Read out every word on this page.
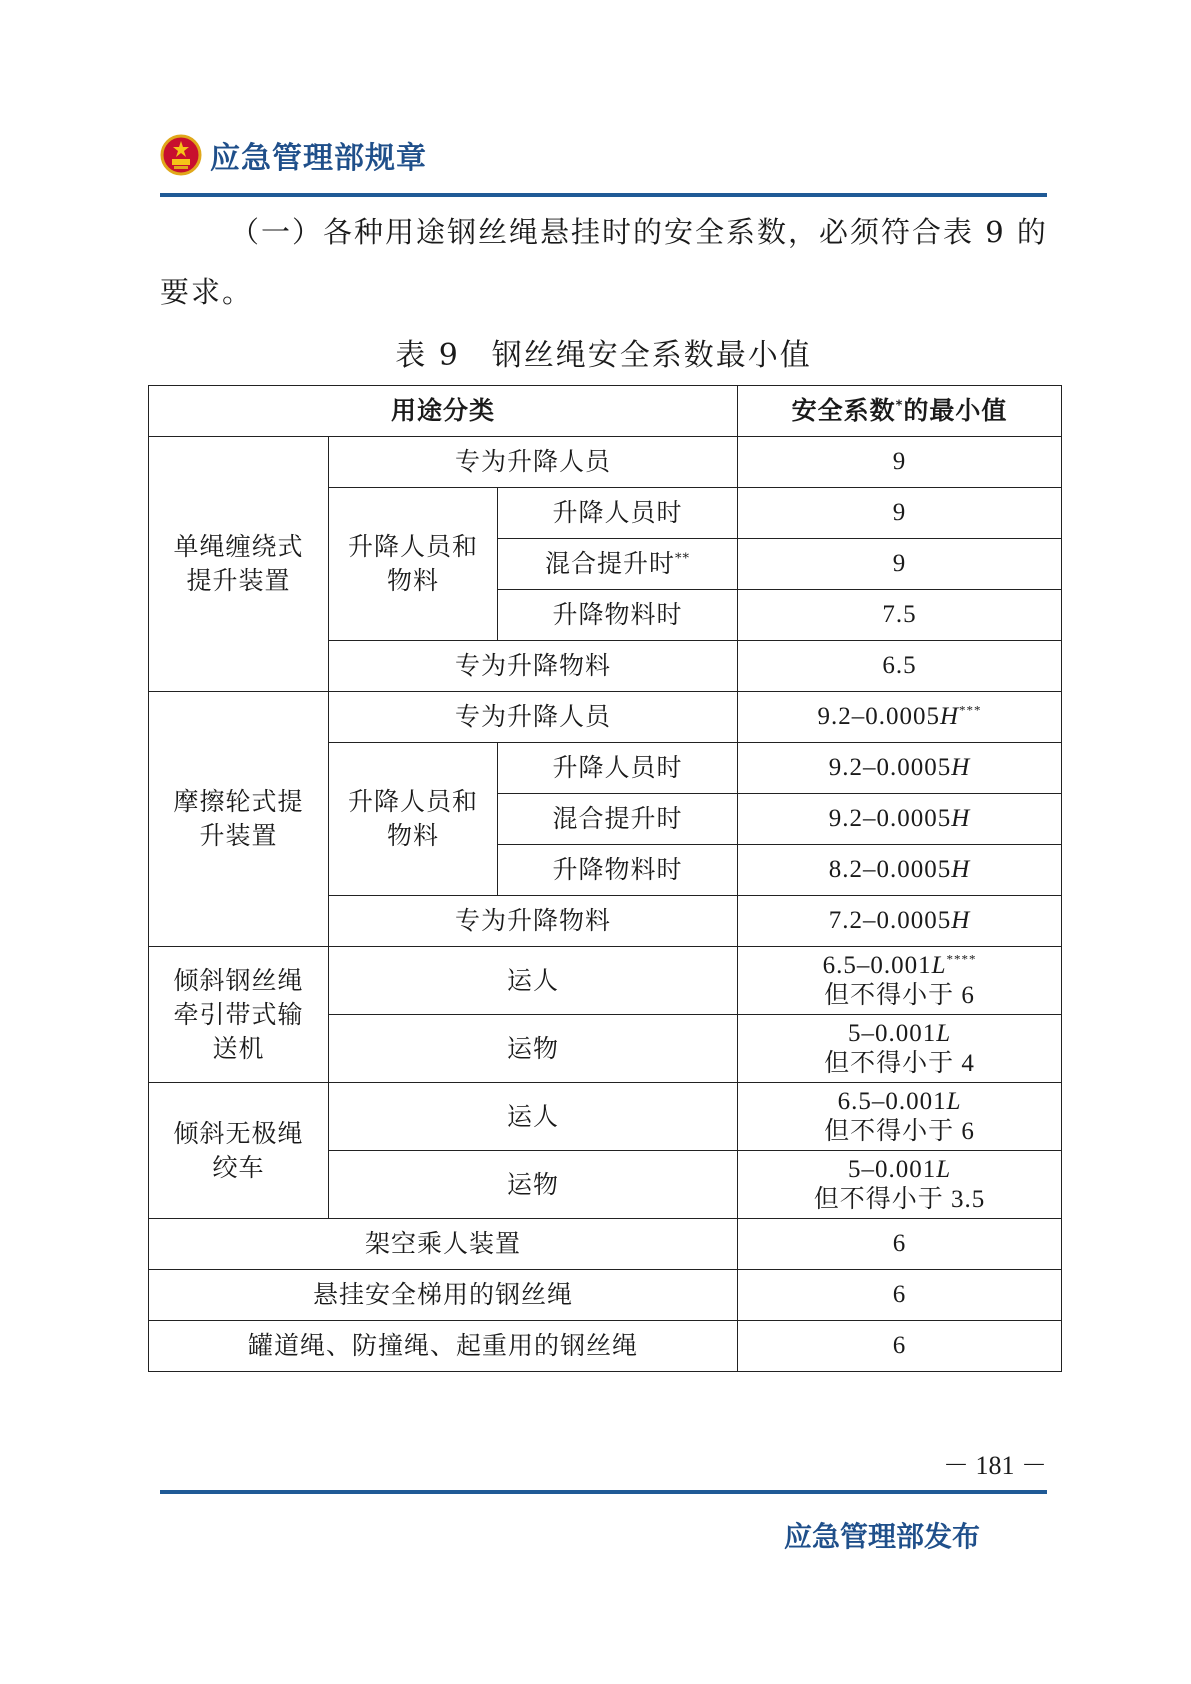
应急管理部规章
（一）各种用途钢丝绳悬挂时的安全系数，必须符合表 9 的
要求。
表 9　钢丝绳安全系数最小值
用途分类			安全系数*的最小值
单绳缠绕式提升装置	专为升降人员		9
	升降人员和物料	升降人员时	9
		混合提升时**	9
		升降物料时	7.5
	专为升降物料		6.5
摩擦轮式提升装置	专为升降人员		9.2–0.0005H***
	升降人员和物料	升降人员时	9.2–0.0005H
		混合提升时	9.2–0.0005H
		升降物料时	8.2–0.0005H
	专为升降物料		7.2–0.0005H
倾斜钢丝绳牵引带式输送机	运人		6.5–0.001L****
但不得小于 6
	运物		5–0.001L
但不得小于 4
倾斜无极绳绞车	运人		6.5–0.001L
但不得小于 6
	运物		5–0.001L
但不得小于 3.5
架空乘人装置			6
悬挂安全梯用的钢丝绳			6
罐道绳、防撞绳、起重用的钢丝绳			6
－ 181 －
应急管理部发布
